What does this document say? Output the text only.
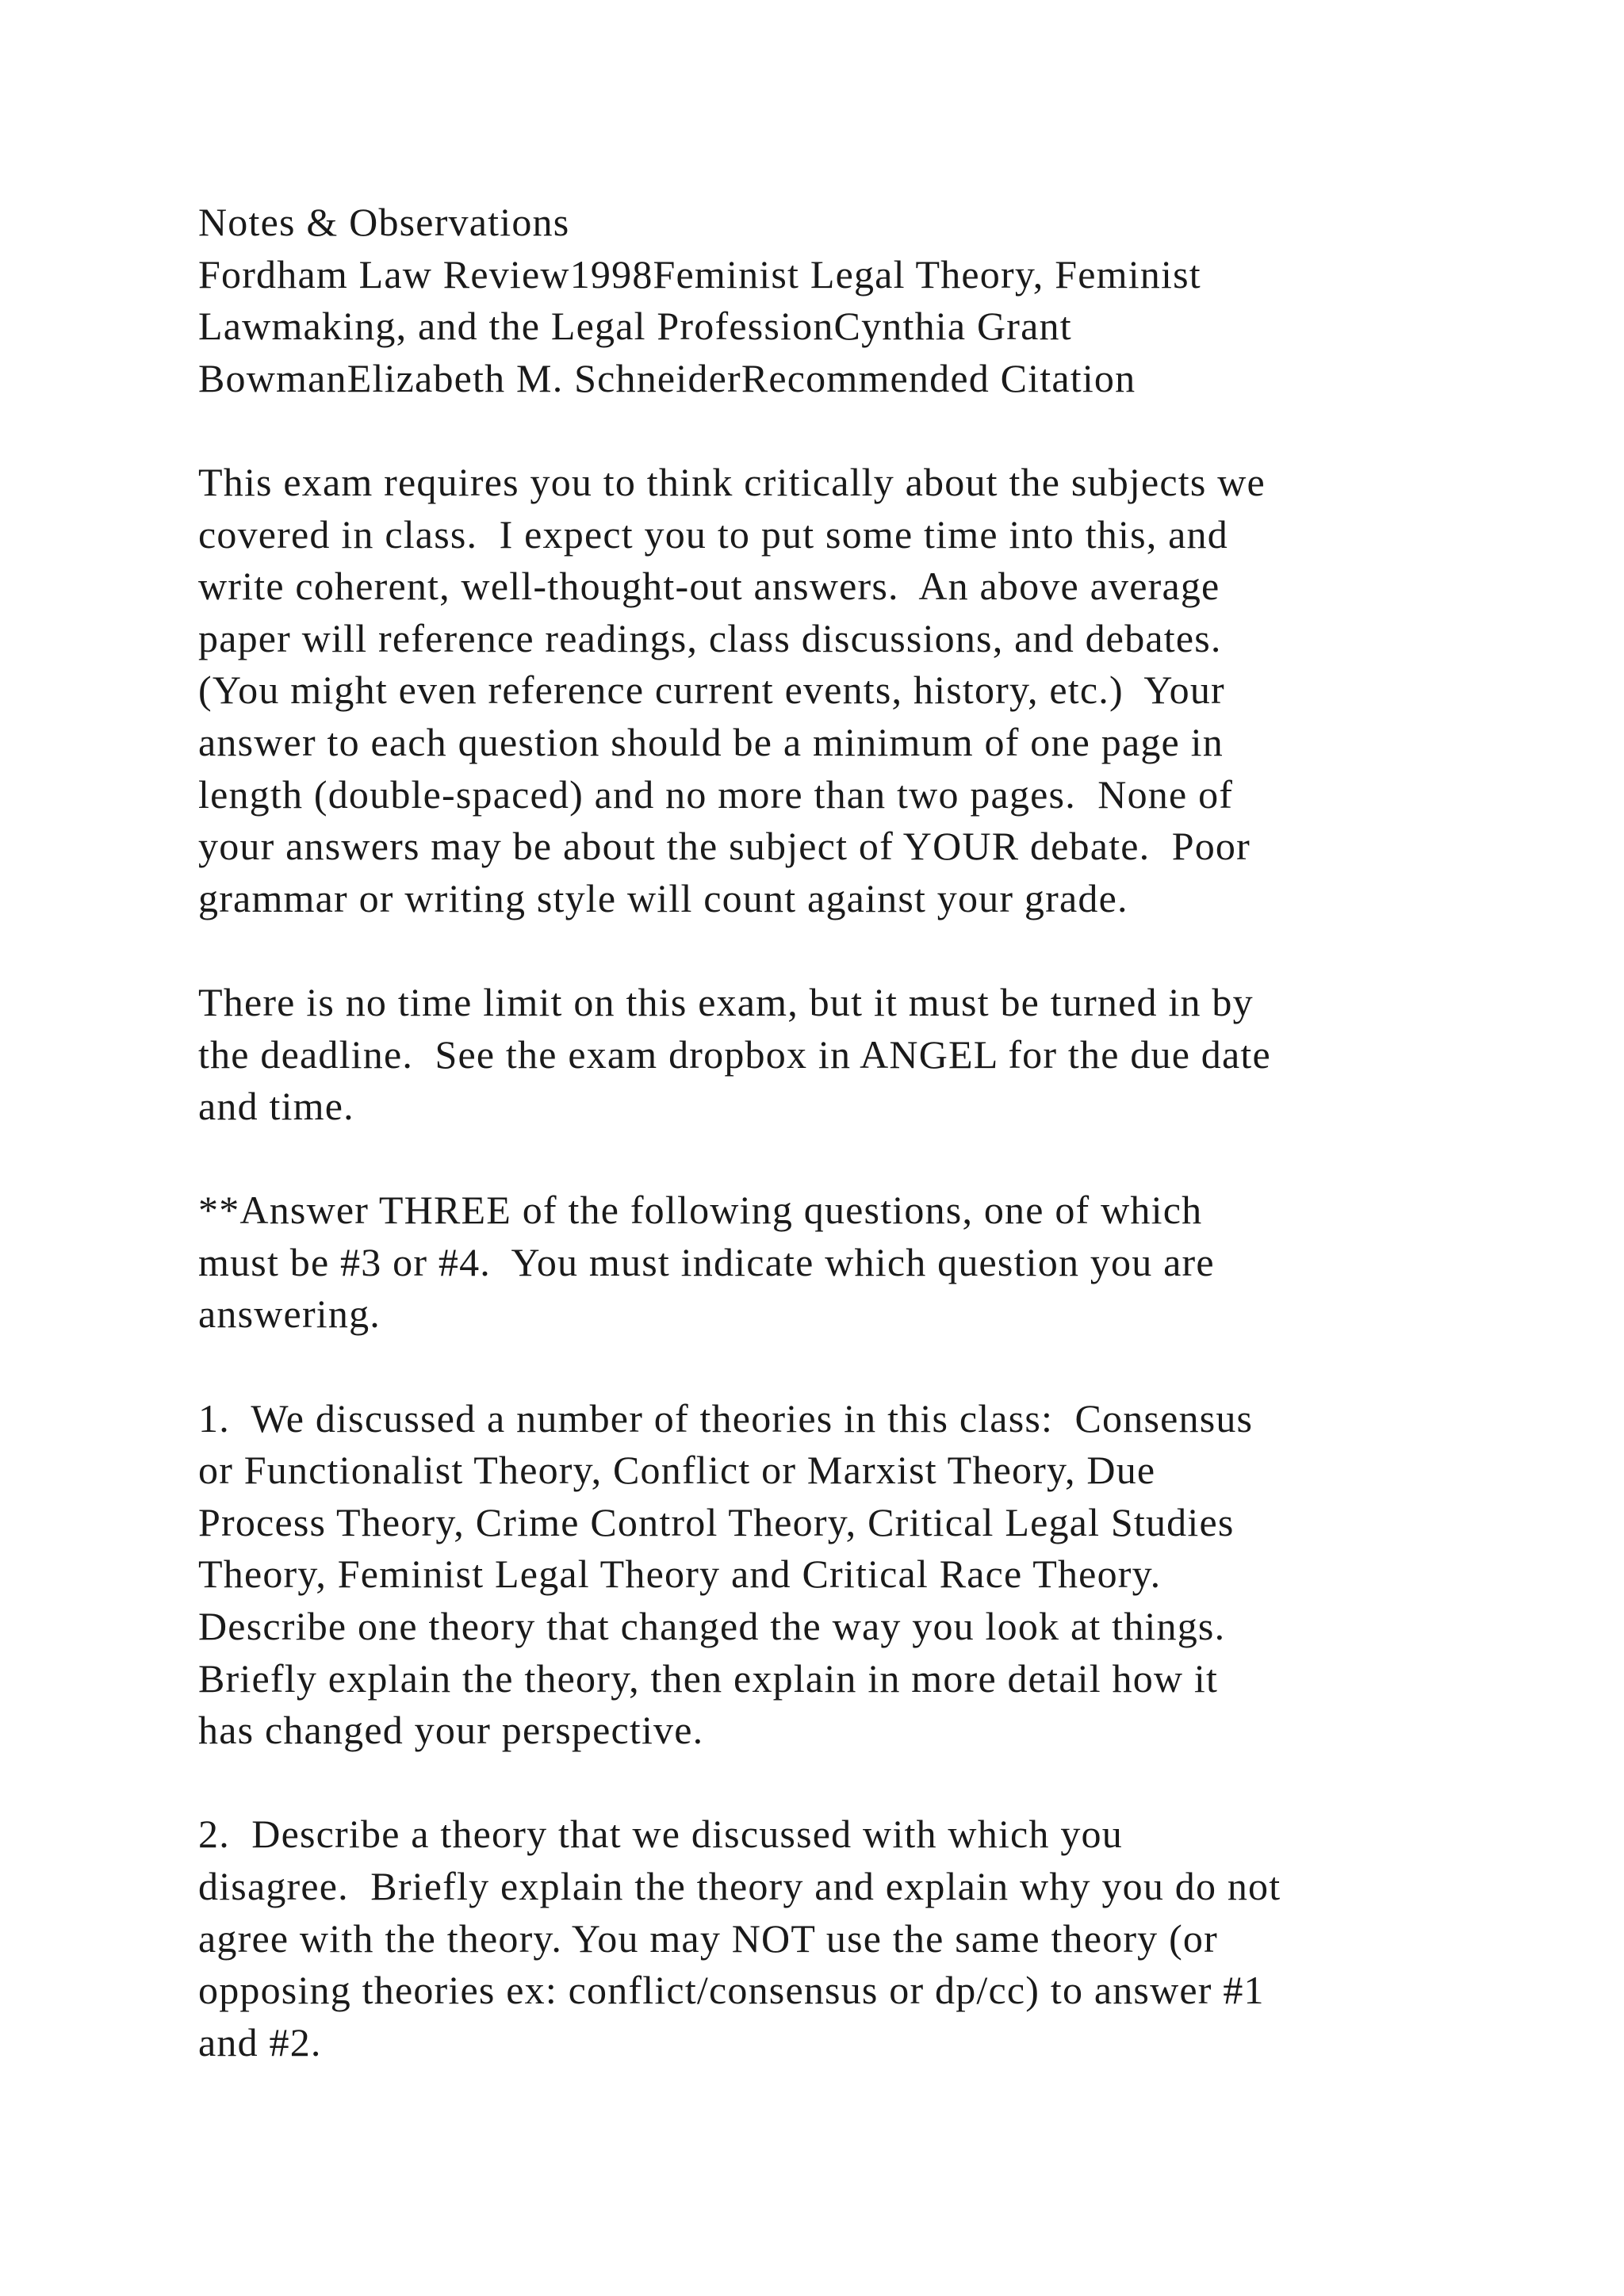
Notes & Observations
Fordham Law Review1998Feminist Legal Theory, Feminist
Lawmaking, and the Legal ProfessionCynthia Grant
BowmanElizabeth M. SchneiderRecommended Citation
This exam requires you to think critically about the subjects we
covered in class.  I expect you to put some time into this, and
write coherent, well-thought-out answers.  An above average
paper will reference readings, class discussions, and debates.
(You might even reference current events, history, etc.)  Your
answer to each question should be a minimum of one page in
length (double-spaced) and no more than two pages.  None of
your answers may be about the subject of YOUR debate.  Poor
grammar or writing style will count against your grade.
There is no time limit on this exam, but it must be turned in by
the deadline.  See the exam dropbox in ANGEL for the due date
and time.
**Answer THREE of the following questions, one of which
must be #3 or #4.  You must indicate which question you are
answering.
1.  We discussed a number of theories in this class:  Consensus
or Functionalist Theory, Conflict or Marxist Theory, Due
Process Theory, Crime Control Theory, Critical Legal Studies
Theory, Feminist Legal Theory and Critical Race Theory.
Describe one theory that changed the way you look at things.
Briefly explain the theory, then explain in more detail how it
has changed your perspective.
2.  Describe a theory that we discussed with which you
disagree.  Briefly explain the theory and explain why you do not
agree with the theory. You may NOT use the same theory (or
opposing theories ex: conflict/consensus or dp/cc) to answer #1
and #2.
